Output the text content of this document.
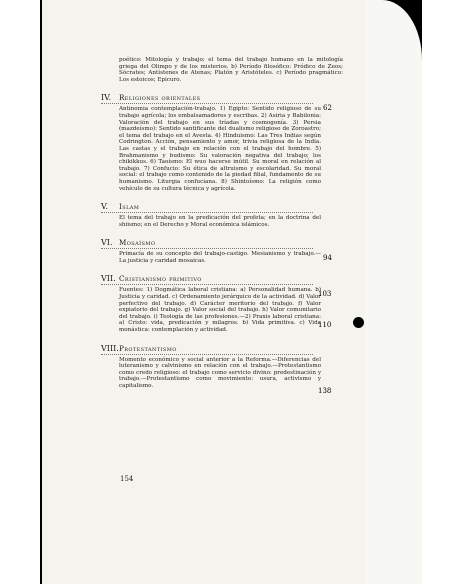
poético: Mitología y trabajo; el tema del trabajo humano en la mitología griega del Olimpo y de los misterios. b) Período filosófico: Pródico de Zeos; Sócrates; Antístenes de Atenas; Platón y Aristóteles. c) Período pragmático: Los estoicos; Epicuro.

IV.	Religiones orientales

Antinomia contemplación-trabajo. 1) Egipto: Sentido religioso de su trabajo agrícola; los embalsamadores y escribas. 2) Asiria y Babilonia: Valoración del trabajo en sus tríadas y cosmogonía. 3) Persia (mazdeísmo): Sentido santificante del dualismo religioso de Zoroastro; el tema del trabajo en el Avesta. 4) Hinduismo: Las Tres Indias según Codrington. Acción, pensamiento y amor, trivia religiosa de la India. Las castas y el trabajo en relación con el trabajo del hombre. 5) Brahmanismo y budismo: Su valoración negativa del trabajo; los chikikkus. 6) Taoísmo: El wuo hacerse inútil. Su moral en relación al trabajo. 7) Confucio: Su ética de altruismo y escolaridad. Su moral social: el trabajo como contenido de la piedad filial, fundamento de su humanismo. Liturgia confuciana. 8) Shintoísmo: La religión como vehículo de su cultura técnica y agrícola.

V.	Islam

El tema del trabajo en la predicación del profeta; en la doctrina del shiismo; en el Derecho y Moral económica islámicos.

VI. Mosaísmo

Primacía de su concepto del trabajo-castigo. Mesianismo y trabajo.—La justicia y caridad mosaicas.

VII. Cristianismo primitivo

Fuentes: 1) Dogmática laboral cristiana: a) Personalidad humana. b) Justicia y caridad. c) Ordenamiento jerárquico de la actividad. d) Valor perfectivo del trabajo. d) Carácter meritorio del trabajo. f) Valor expiatorio del trabajo. g) Valor social del trabajo. h) Valor comunitario del trabajo. i) Teología de las profesiones.—2) Praxis laboral cristiana: a) Cristo: vida, predicación y milagros. b) Vida primitiva. c) Vida monástica: contemplación y actividad.

VIII. Protestantismo

Momento económico y social anterior a la Reforma.—Diferencias del luteranismo y calvinismo en relación con el trabajo.—Protestantismo como credo religioso: el trabajo como servicio divino: predestinación y trabajo.—Protestantismo como movimiento: usura, activismo y capitalismo.

62
94
103
110
138
154
